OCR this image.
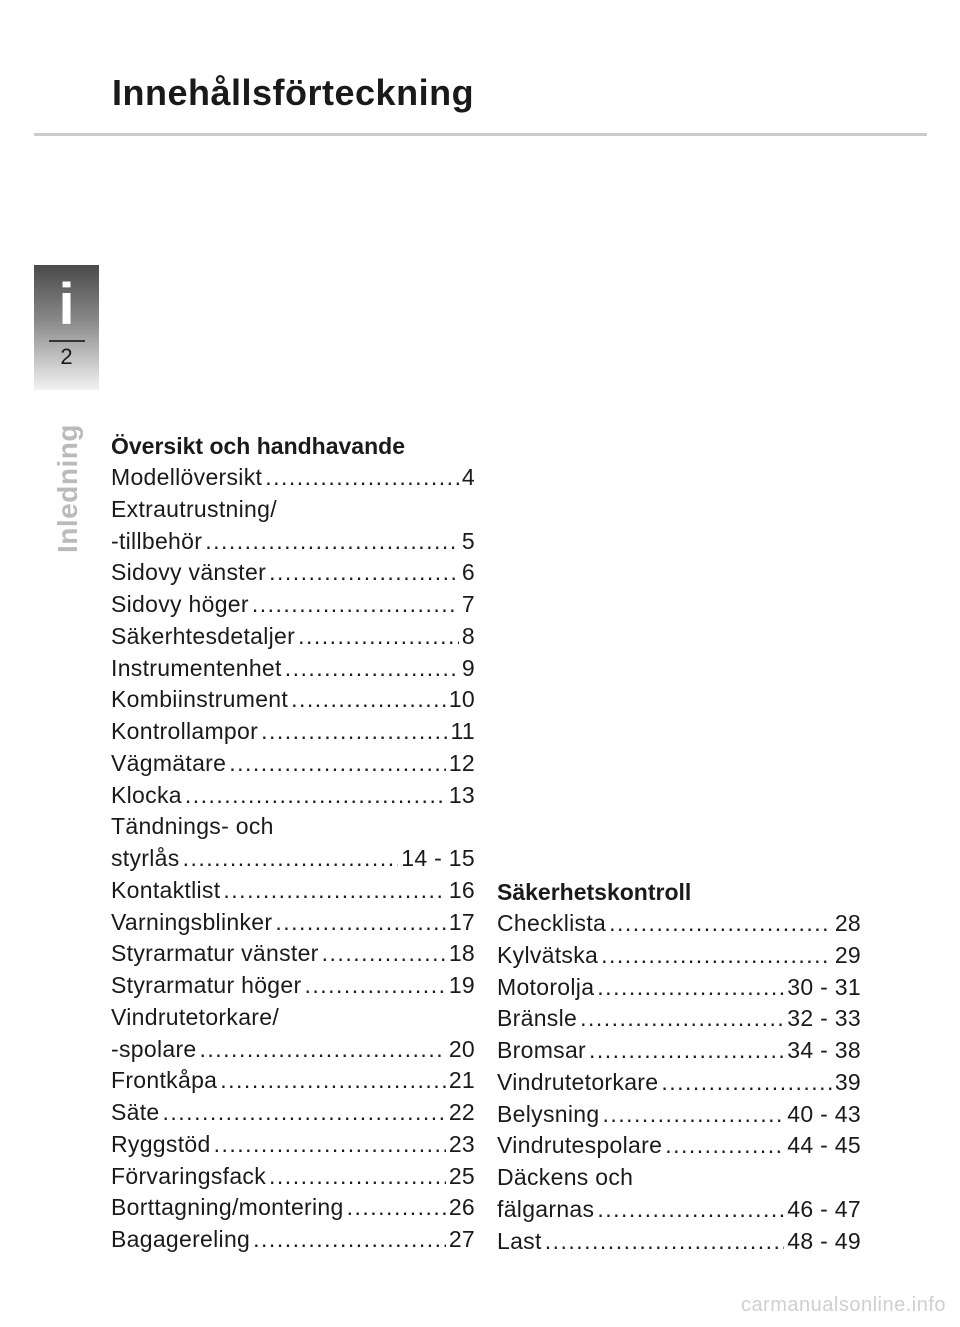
Innehållsförteckning
i
2
Inledning Översikt och handhavande
Modellöversikt .....	4
Extrautrustning/
-tillbehör .....	5
Sidovy vänster .....	6
Sidovy höger .....	7
Säkerhtesdetaljer .....	8
Instrumentenhet .....	9
Kombiinstrument .....	10
Kontrollampor .....	11
Vägmätare .....	12
Klocka .....	13
Tändnings- och
styrlås .....	14 - 15
Kontaktlist .....	16
Varningsblinker .....	17
Styrarmatur vänster .....	18
Styrarmatur höger .....	19
Vindrutetorkare/
-spolare .....	20
Frontkåpa .....	21
Säte .....	22
Ryggstöd .....	23
Förvaringsfack .....	25
Borttagning/montering .....	26
Bagagereling .....	27
Säkerhetskontroll
Checklista .....	28
Kylvätska .....	29
Motorolja .....	30 - 31
Bränsle .....	32 - 33
Bromsar .....	34 - 38
Vindrutetorkare .....	39
Belysning .....	40 - 43
Vindrutespolare .....	44 - 45
Däckens och
fälgarnas .....	46 - 47
Last .....	48 - 49
carmanualsonline.info
